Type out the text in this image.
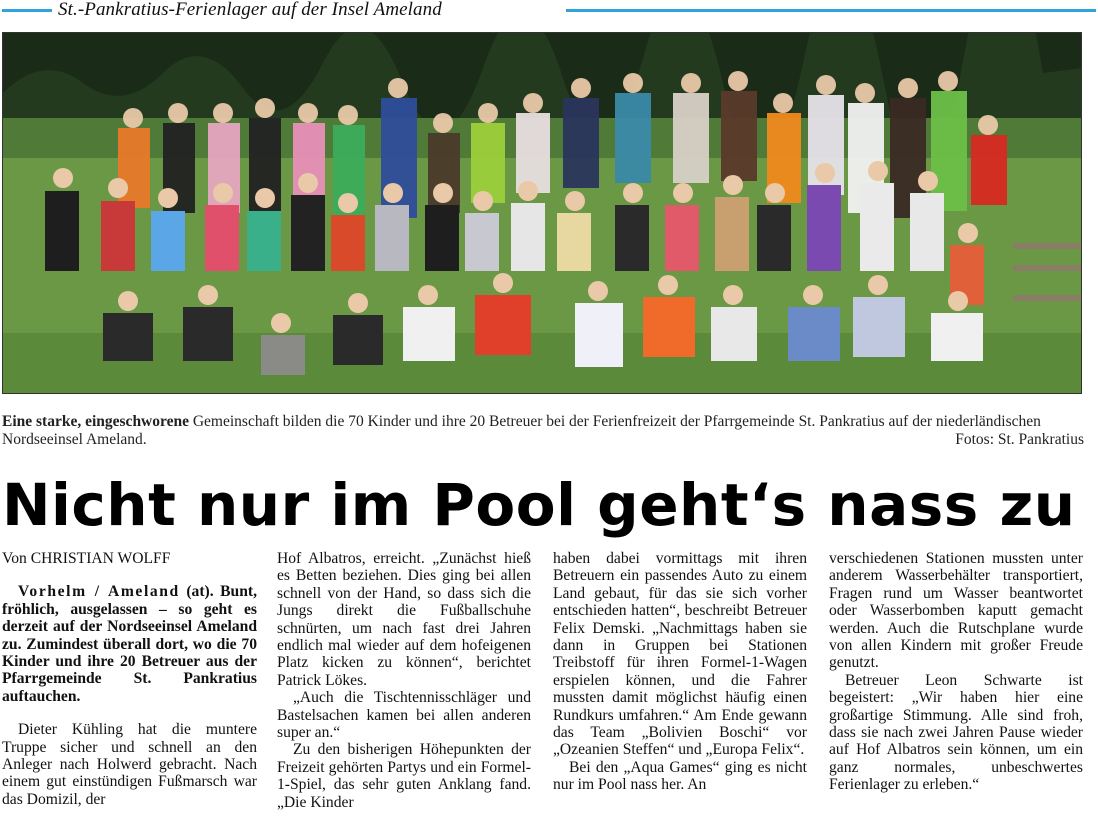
St.-Pankratius-Ferienlager auf der Insel Ameland
Eine starke, eingeschworene Gemeinschaft bilden die 70 Kinder und ihre 20 Betreuer bei der Ferienfreizeit der Pfarrgemeinde St. Pankratius auf der niederländischen Nordseeinsel Ameland.	Fotos: St. Pankratius
Nicht nur im Pool geht‘s nass zu

Von CHRISTIAN WOLFF

Vorhelm / Ameland (at). Bunt, fröhlich, ausgelassen – so geht es derzeit auf der Nordseeinsel Ameland zu. Zumindest überall dort, wo die 70 Kinder und ihre 20 Betreuer aus der Pfarrgemeinde St. Pankratius auftauchen.

Dieter Kühling hat die muntere Truppe sicher und schnell an den Anleger nach Holwerd gebracht. Nach einem gut einstündigen Fußmarsch war das Domizil, der

Hof Albatros, erreicht. „Zunächst hieß es Betten beziehen. Dies ging bei allen schnell von der Hand, so dass sich die Jungs direkt die Fußballschuhe schnürten, um nach fast drei Jahren endlich mal wieder auf dem hofeigenen Platz kicken zu können“, berichtet Patrick Lökes.

„Auch die Tischtennisschläger und Bastelsachen kamen bei allen anderen super an.“

Zu den bisherigen Höhepunkten der Freizeit gehörten Partys und ein Formel-1-Spiel, das sehr guten Anklang fand. „Die Kinder

haben dabei vormittags mit ihren Betreuern ein passendes Auto zu einem Land gebaut, für das sie sich vorher entschieden hatten“, beschreibt Betreuer Felix Demski. „Nachmittags haben sie dann in Gruppen bei Stationen Treibstoff für ihren Formel-1-Wagen erspielen können, und die Fahrer mussten damit möglichst häufig einen Rundkurs umfahren.“ Am Ende gewann das Team „Bolivien Boschi“ vor „Ozeanien Steffen“ und „Europa Felix“.

Bei den „Aqua Games“ ging es nicht nur im Pool nass her. An

verschiedenen Stationen mussten unter anderem Wasserbehälter transportiert, Fragen rund um Wasser beantwortet oder Wasserbomben kaputt gemacht werden. Auch die Rutschplane wurde von allen Kindern mit großer Freude genutzt.

Betreuer Leon Schwarte ist begeistert: „Wir haben hier eine großartige Stimmung. Alle sind froh, dass sie nach zwei Jahren Pause wieder auf Hof Albatros sein können, um ein ganz normales, unbeschwertes Ferienlager zu erleben.“
